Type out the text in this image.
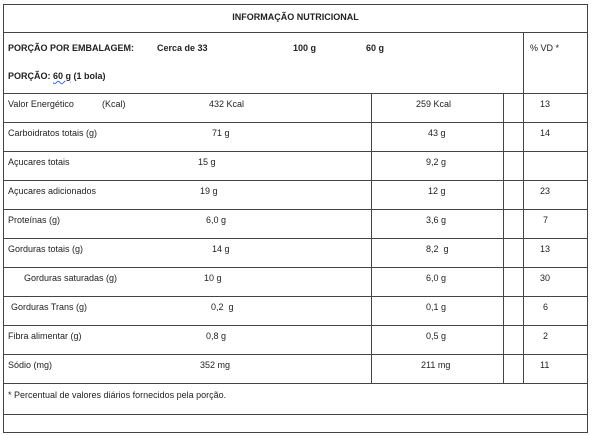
INFORMAÇÃO NUTRICIONAL
PORÇÃO POR EMBALAGEM:	Cerca de 33	100 g	60 g	% VD *
PORÇÃO: 60 g (1 bola)
Valor Energético	(Kcal)	432 Kcal	259 Kcal	13
Carboidratos totais (g)	71 g	43 g	14
Açucares totais	15 g	9,2 g
Açucares adicionados	19 g	12 g	23
Proteínas (g)	6,0 g	3,6 g	7
Gorduras totais (g)	14 g	8,2  g	13
Gorduras saturadas (g)	10 g	6,0 g	30
Gorduras Trans (g)	0,2  g	0,1 g	6
Fibra alimentar (g)	0,8 g	0,5 g	2
Sódio (mg)	352 mg	211 mg	11
* Percentual de valores diários fornecidos pela porção.
